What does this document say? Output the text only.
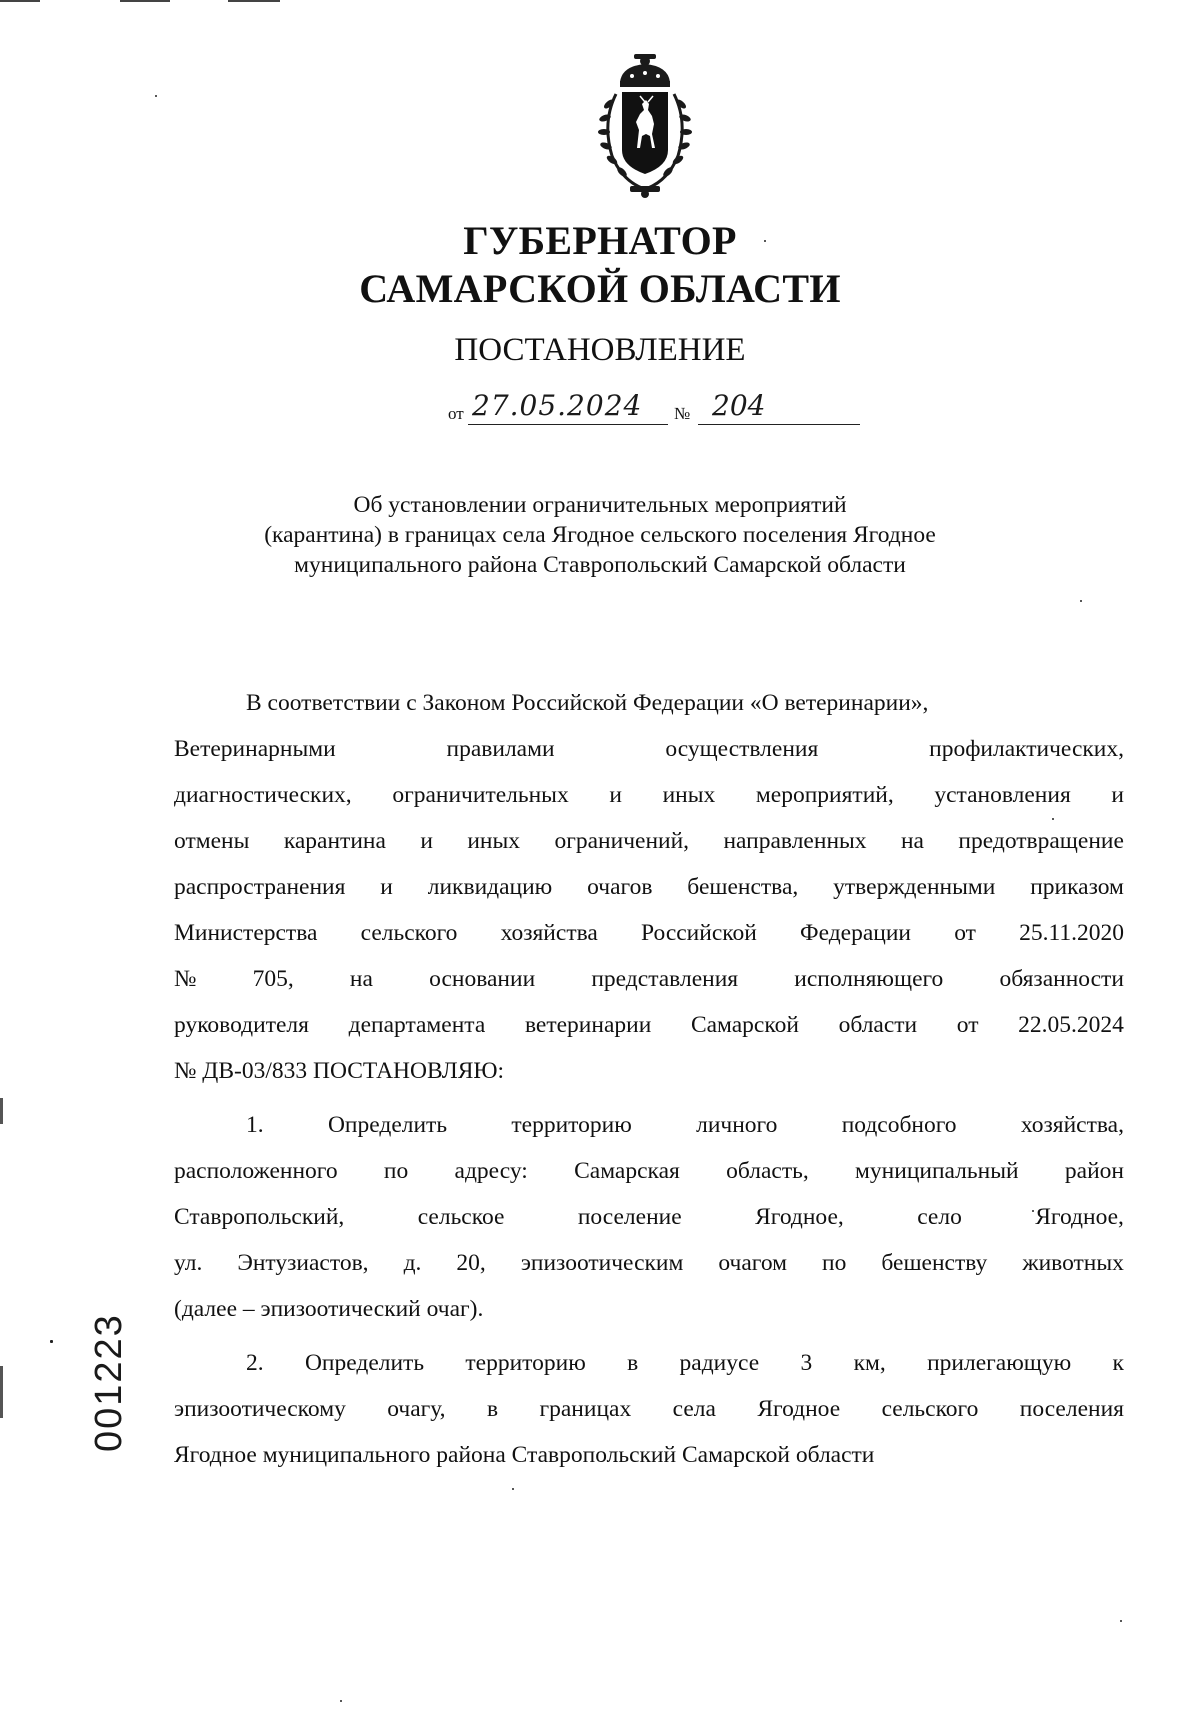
ГУБЕРНАТОР
САМАРСКОЙ ОБЛАСТИ
ПОСТАНОВЛЕНИЕ
от 27.05.2024	№ 204
Об установлении ограничительных мероприятий
(карантина) в границах села Ягодное сельского поселения Ягодное
муниципального района Ставропольский Самарской области
В соответствии с Законом Российской Федерации «О ветеринарии»,
Ветеринарными	правилами	осуществления	профилактических,
диагностических, ограничительных и иных мероприятий, установления и
отмены карантина и иных ограничений, направленных на предотвращение
распространения и ликвидацию очагов бешенства, утвержденными приказом
Министерства сельского хозяйства Российской Федерации от 25.11.2020
№ 705, на основании представления исполняющего обязанности
руководителя департамента ветеринарии Самарской области от 22.05.2024
№ ДВ-03/833 ПОСТАНОВЛЯЮ:
1.	Определить	территорию	личного	подсобного	хозяйства,
расположенного по адресу: Самарская область, муниципальный район
Ставропольский,	сельское	поселение	Ягодное,	село	Ягодное,
ул. Энтузиастов, д. 20, эпизоотическим очагом по бешенству животных
(далее – эпизоотический очаг).
2. Определить территорию в радиусе 3 км, прилегающую к
эпизоотическому очагу, в границах села Ягодное сельского поселения
Ягодное муниципального района Ставропольский Самарской области
001223
